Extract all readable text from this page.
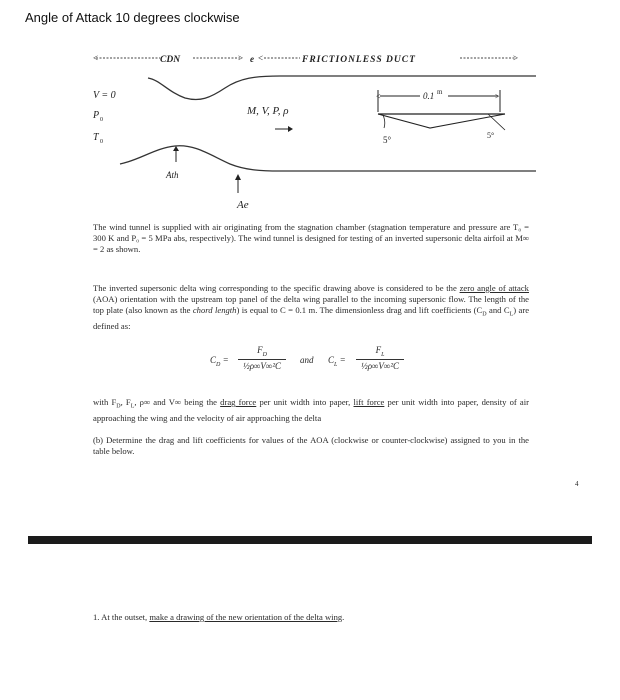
Angle of Attack 10 degrees clockwise
<	CDN	> e <	FRICTIONLESS DUCT	>
V = 0
P 0
T 0
M, V, P, ρ
Ath
Ae
<	0.1 m	>
5°	5°
The wind tunnel is supplied with air originating from the stagnation chamber (stagnation temperature and pressure are T₀ = 300 K and P₀ = 5 MPa abs, respectively). The wind tunnel is designed for testing of an inverted supersonic delta airfoil at M∞ = 2 as shown.
The inverted supersonic delta wing corresponding to the specific drawing above is considered to be the zero angle of attack (AOA) orientation with the upstream top panel of the delta wing parallel to the incoming supersonic flow. The length of the top plate (also known as the chord length) is equal to C = 0.1 m. The dimensionless drag and lift coefficients ($C_D$ and $C_L$) are defined as:
$C_D$ =
$F_D$
½ρ∞V∞²C
and $C_L$ =
$F_L$
½ρ∞V∞²C
with $F_D$, $F_L$, ρ∞ and V∞ being the drag force per unit width into paper, lift force per unit width into paper, density of air approaching the wing and the velocity of air approaching the delta
(b) Determine the drag and lift coefficients for values of the AOA (clockwise or counter-clockwise) assigned to you in the table below.
4
1. At the outset, make a drawing of the new orientation of the delta wing.
